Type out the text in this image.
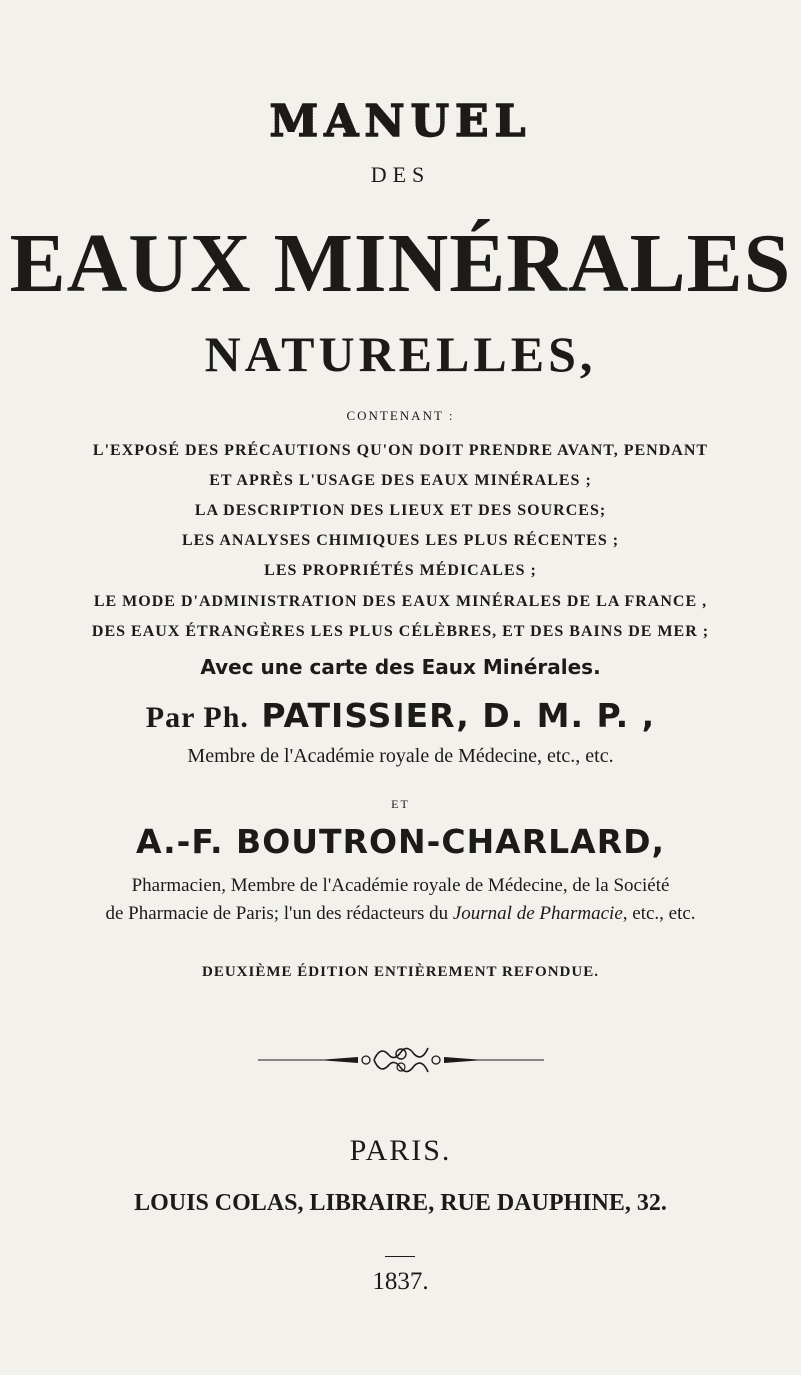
MANUEL
DES
EAUX MINÉRALES
NATURELLES,
CONTENANT :
L'EXPOSÉ DES PRÉCAUTIONS QU'ON DOIT PRENDRE AVANT, PENDANT
ET APRÈS L'USAGE DES EAUX MINÉRALES ;
LA DESCRIPTION DES LIEUX ET DES SOURCES;
LES ANALYSES CHIMIQUES LES PLUS RÉCENTES ;
LES PROPRIÉTÉS MÉDICALES ;
LE MODE D'ADMINISTRATION DES EAUX MINÉRALES DE LA FRANCE ,
DES EAUX ÉTRANGÈRES LES PLUS CÉLÈBRES, ET DES BAINS DE MER ;
Avec une carte des Eaux Minérales.
Par Ph. PATISSIER, D. M. P. ,
Membre de l'Académie royale de Médecine, etc., etc.
ET
A.-F. BOUTRON-CHARLARD,
Pharmacien, Membre de l'Académie royale de Médecine, de la Société
de Pharmacie de Paris; l'un des rédacteurs du Journal de Pharmacie, etc., etc.
DEUXIÈME ÉDITION ENTIÈREMENT REFONDUE.
PARIS.
LOUIS COLAS, LIBRAIRE, RUE DAUPHINE, 32.
1837.
